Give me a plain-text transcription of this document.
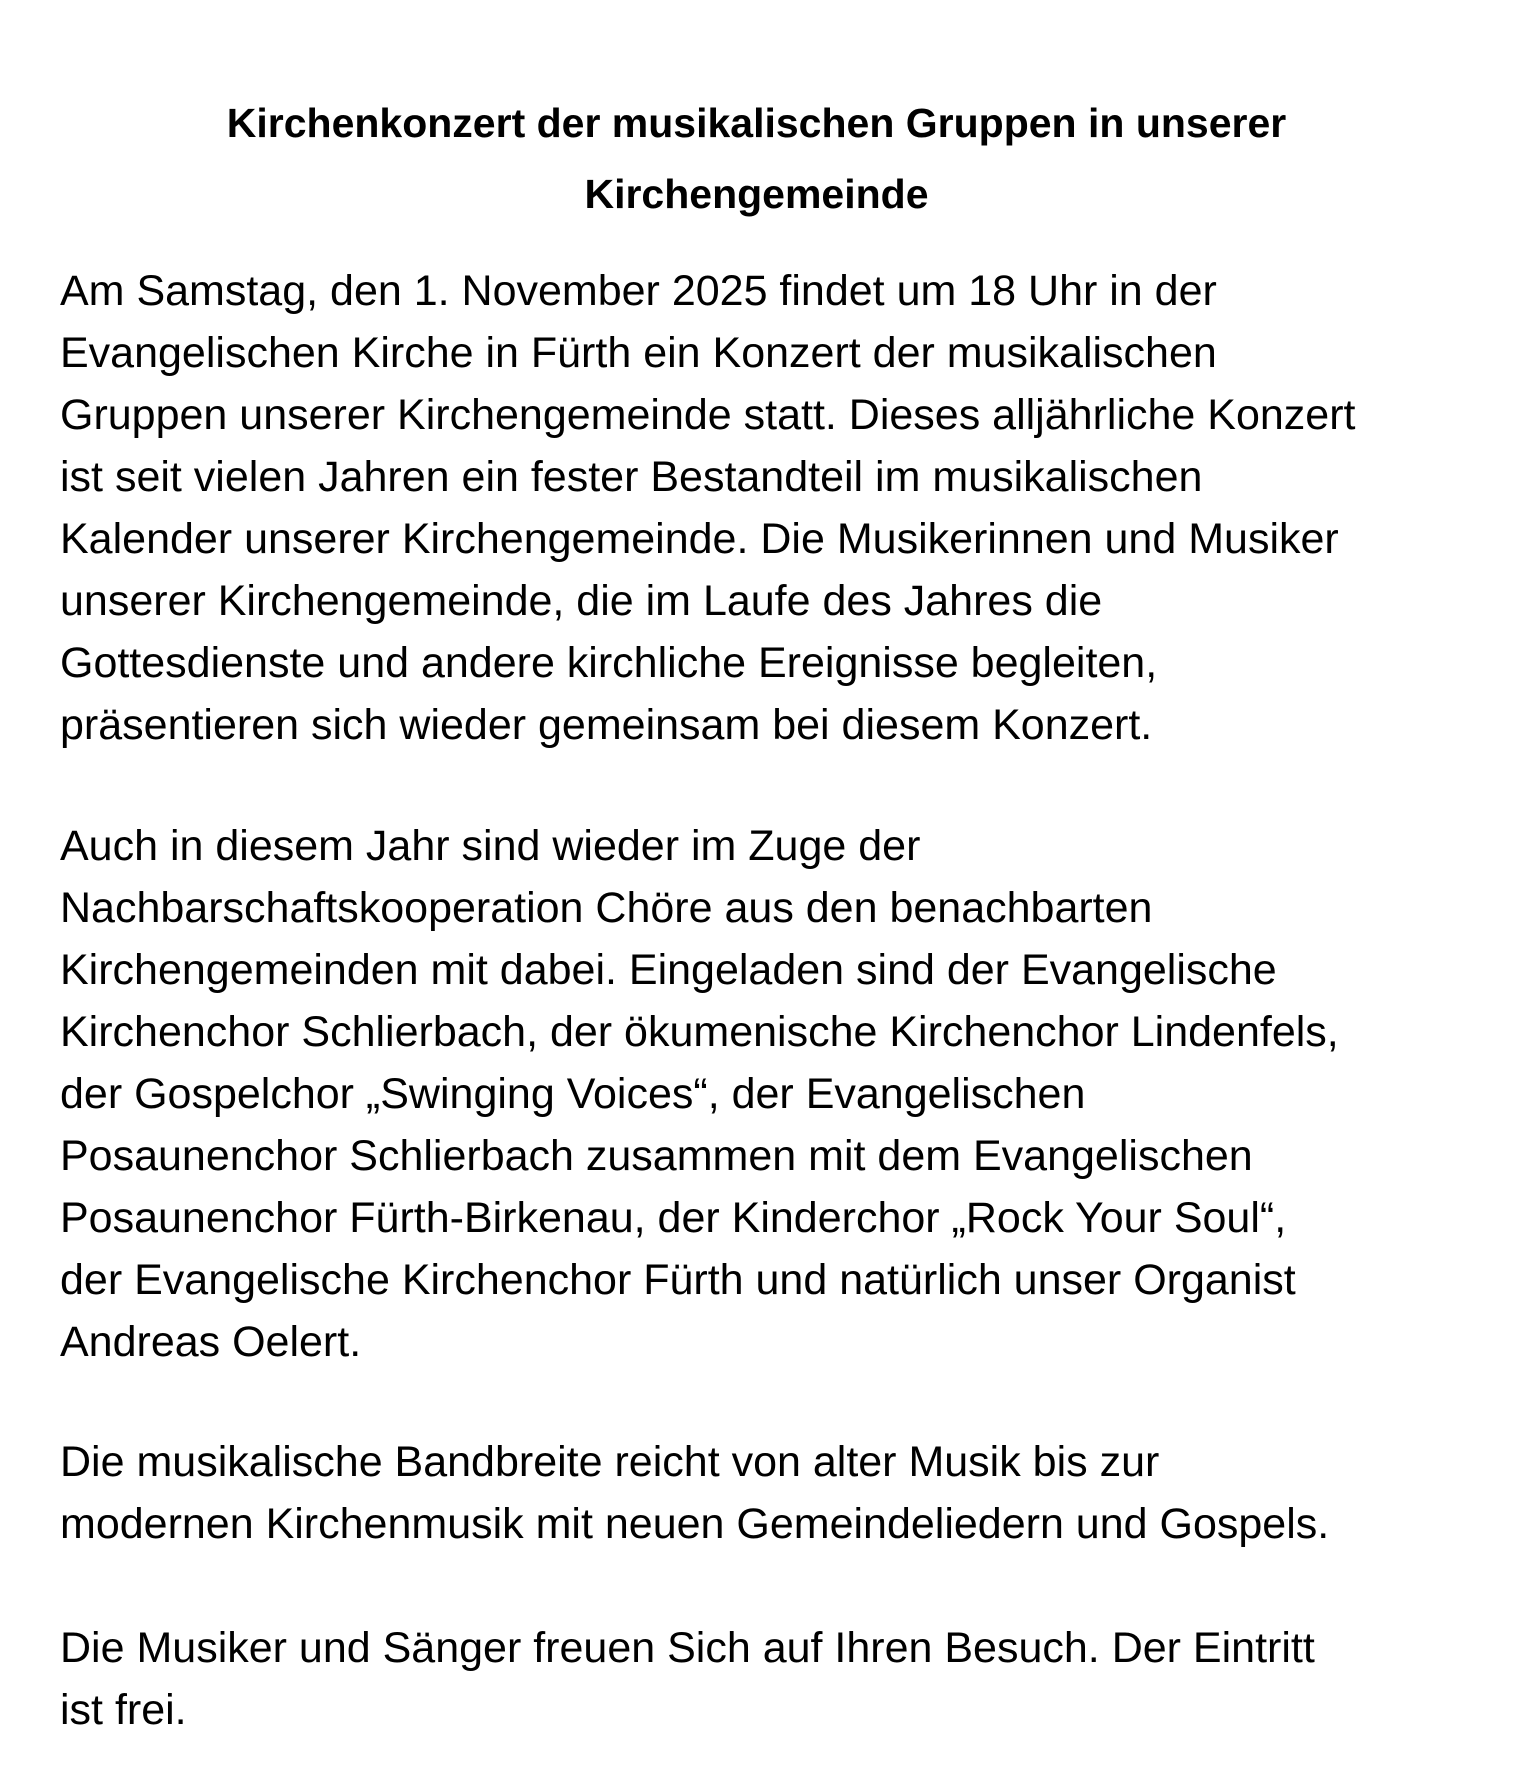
Kirchenkonzert der musikalischen Gruppen in unserer
Kirchengemeinde
Am Samstag, den 1. November 2025 findet um 18 Uhr in der
Evangelischen Kirche in Fürth ein Konzert der musikalischen
Gruppen unserer Kirchengemeinde statt. Dieses alljährliche Konzert
ist seit vielen Jahren ein fester Bestandteil im musikalischen
Kalender unserer Kirchengemeinde. Die Musikerinnen und Musiker
unserer Kirchengemeinde, die im Laufe des Jahres die
Gottesdienste und andere kirchliche Ereignisse begleiten,
präsentieren sich wieder gemeinsam bei diesem Konzert.
Auch in diesem Jahr sind wieder im Zuge der
Nachbarschaftskooperation Chöre aus den benachbarten
Kirchengemeinden mit dabei. Eingeladen sind der Evangelische
Kirchenchor Schlierbach, der ökumenische Kirchenchor Lindenfels,
der Gospelchor „Swinging Voices“, der Evangelischen
Posaunenchor Schlierbach zusammen mit dem Evangelischen
Posaunenchor Fürth-Birkenau, der Kinderchor „Rock Your Soul“,
der Evangelische Kirchenchor Fürth und natürlich unser Organist
Andreas Oelert.
Die musikalische Bandbreite reicht von alter Musik bis zur
modernen Kirchenmusik mit neuen Gemeindeliedern und Gospels.
Die Musiker und Sänger freuen Sich auf Ihren Besuch. Der Eintritt
ist frei.
